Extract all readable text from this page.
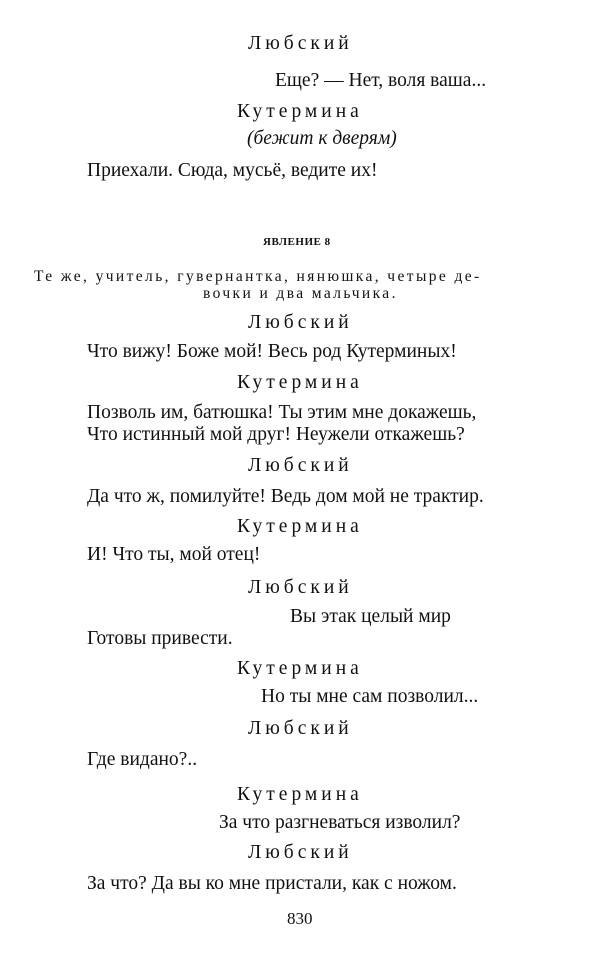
Любский
Еще? — Нет, воля ваша...
Кутермина
(бежит к дверям)
Приехали. Сюда, мусьё, ведите их!
ЯВЛЕНИЕ 8
Те же, учитель, гувернантка, нянюшка, четыре де-
вочки и два мальчика.
Любский
Что вижу! Боже мой! Весь род Кутерминых!
Кутермина
Позволь им, батюшка! Ты этим мне докажешь,
Что истинный мой друг! Неужели откажешь?
Любский
Да что ж, помилуйте! Ведь дом мой не трактир.
Кутермина
И! Что ты, мой отец!
Любский
Вы этак целый мир
Готовы привести.
Кутермина
Но ты мне сам позволил...
Любский
Где видано?..
Кутермина
За что разгневаться изволил?
Любский
За что? Да вы ко мне пристали, как с ножом.
830
